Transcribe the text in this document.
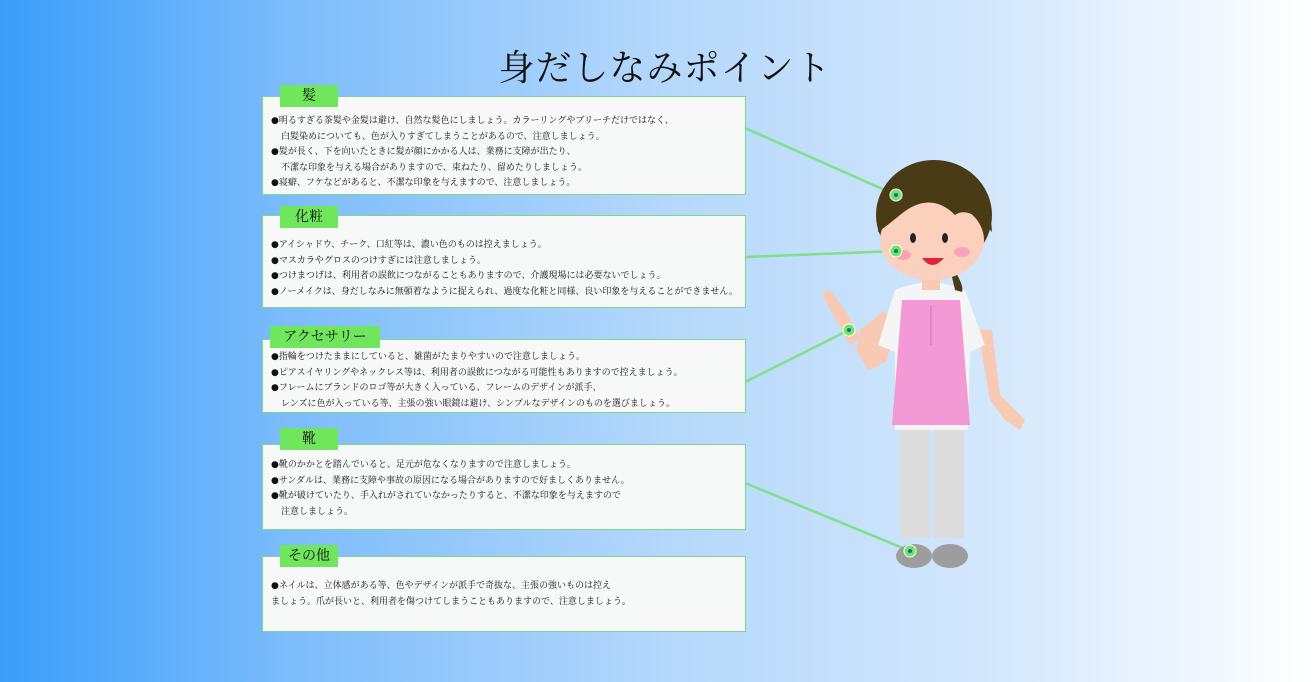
身だしなみポイント
髪
●明るすぎる茶髪や金髪は避け、自然な髪色にしましょう。カラーリングやブリーチだけではなく、
白髪染めについても、色が入りすぎてしまうことがあるので、注意しましょう。
●髪が長く、下を向いたときに髪が顔にかかる人は、業務に支障が出たり、
不潔な印象を与える場合がありますので、束ねたり、留めたりしましょう。
●寝癖、フケなどがあると、不潔な印象を与えますので、注意しましょう。
化粧
●アイシャドウ、チーク、口紅等は、濃い色のものは控えましょう。
●マスカラやグロスのつけすぎには注意しましょう。
●つけまつげは、利用者の誤飲につながることもありますので、介護現場には必要ないでしょう。
●ノーメイクは、身だしなみに無頓着なように捉えられ、過度な化粧と同様、良い印象を与えることができません。
アクセサリー
●指輪をつけたままにしていると、雑菌がたまりやすいので注意しましょう。
●ピアスイヤリングやネックレス等は、利用者の誤飲につながる可能性もありますので控えましょう。
●フレームにブランドのロゴ等が大きく入っている、フレームのデザインが派手、
レンズに色が入っている等、主張の強い眼鏡は避け、シンプルなデザインのものを選びましょう。
靴
●靴のかかとを踏んでいると、足元が危なくなりますので注意しましょう。
●サンダルは、業務に支障や事故の原因になる場合がありますので好ましくありません。
●靴が破けていたり、手入れがされていなかったりすると、不潔な印象を与えますので
注意しましょう。
その他
●ネイルは、立体感がある等、色やデザインが派手で奇抜な、主張の強いものは控え
ましょう。爪が長いと、利用者を傷つけてしまうこともありますので、注意しましょう。
